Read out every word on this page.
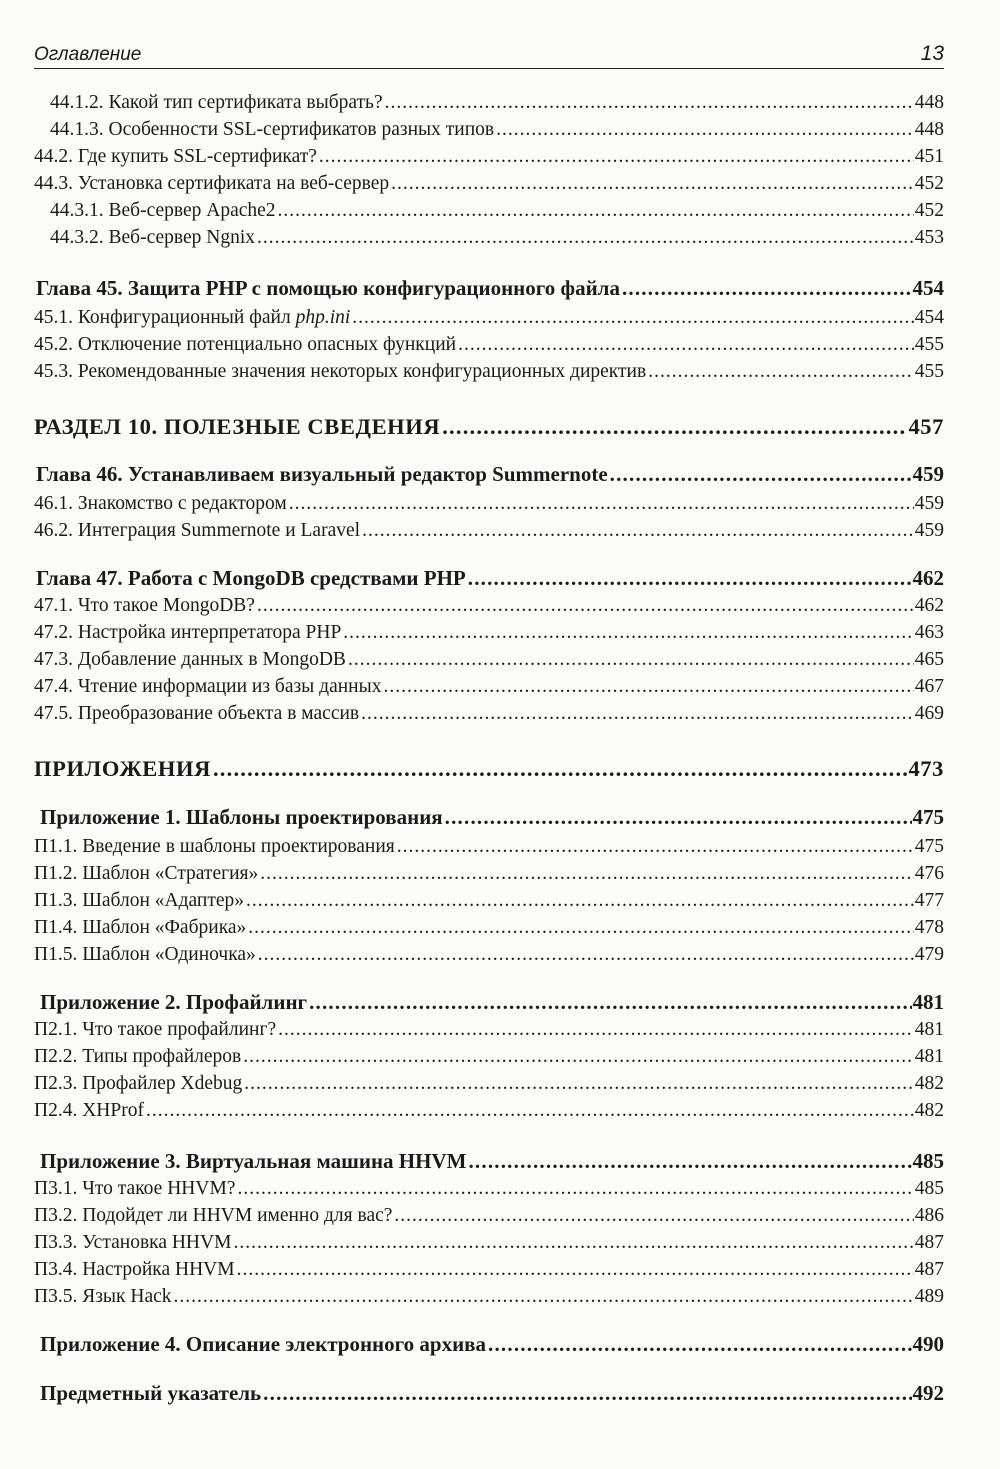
Оглавление	13
44.1.2. Какой тип сертификата выбрать? .....	448
44.1.3. Особенности SSL-сертификатов разных типов .....	448
44.2. Где купить SSL-сертификат? .....	451
44.3. Установка сертификата на веб-сервер .....	452
44.3.1. Веб-сервер Apache2 .....	452
44.3.2. Веб-сервер Ngnix .....	453
Глава 45. Защита PHP с помощью конфигурационного файла .....	454
45.1. Конфигурационный файл php.ini .....	454
45.2. Отключение потенциально опасных функций .....	455
45.3. Рекомендованные значения некоторых конфигурационных директив .....	455
РАЗДЕЛ 10. ПОЛЕЗНЫЕ СВЕДЕНИЯ .....	457
Глава 46. Устанавливаем визуальный редактор Summernote .....	459
46.1. Знакомство с редактором .....	459
46.2. Интеграция Summernote и Laravel .....	459
Глава 47. Работа с MongoDB средствами PHP .....	462
47.1. Что такое MongoDB? .....	462
47.2. Настройка интерпретатора PHP .....	463
47.3. Добавление данных в MongoDB .....	465
47.4. Чтение информации из базы данных .....	467
47.5. Преобразование объекта в массив .....	469
ПРИЛОЖЕНИЯ .....	473
Приложение 1. Шаблоны проектирования .....	475
П1.1. Введение в шаблоны проектирования .....	475
П1.2. Шаблон «Стратегия» .....	476
П1.3. Шаблон «Адаптер» .....	477
П1.4. Шаблон «Фабрика» .....	478
П1.5. Шаблон «Одиночка» .....	479
Приложение 2. Профайлинг .....	481
П2.1. Что такое профайлинг? .....	481
П2.2. Типы профайлеров .....	481
П2.3. Профайлер Xdebug .....	482
П2.4. XHProf .....	482
Приложение 3. Виртуальная машина HHVM .....	485
П3.1. Что такое HHVM? .....	485
П3.2. Подойдет ли HHVM именно для вас? .....	486
П3.3. Установка HHVM .....	487
П3.4. Настройка HHVM .....	487
П3.5. Язык Hack .....	489
Приложение 4. Описание электронного архива .....	490
Предметный указатель .....	492
